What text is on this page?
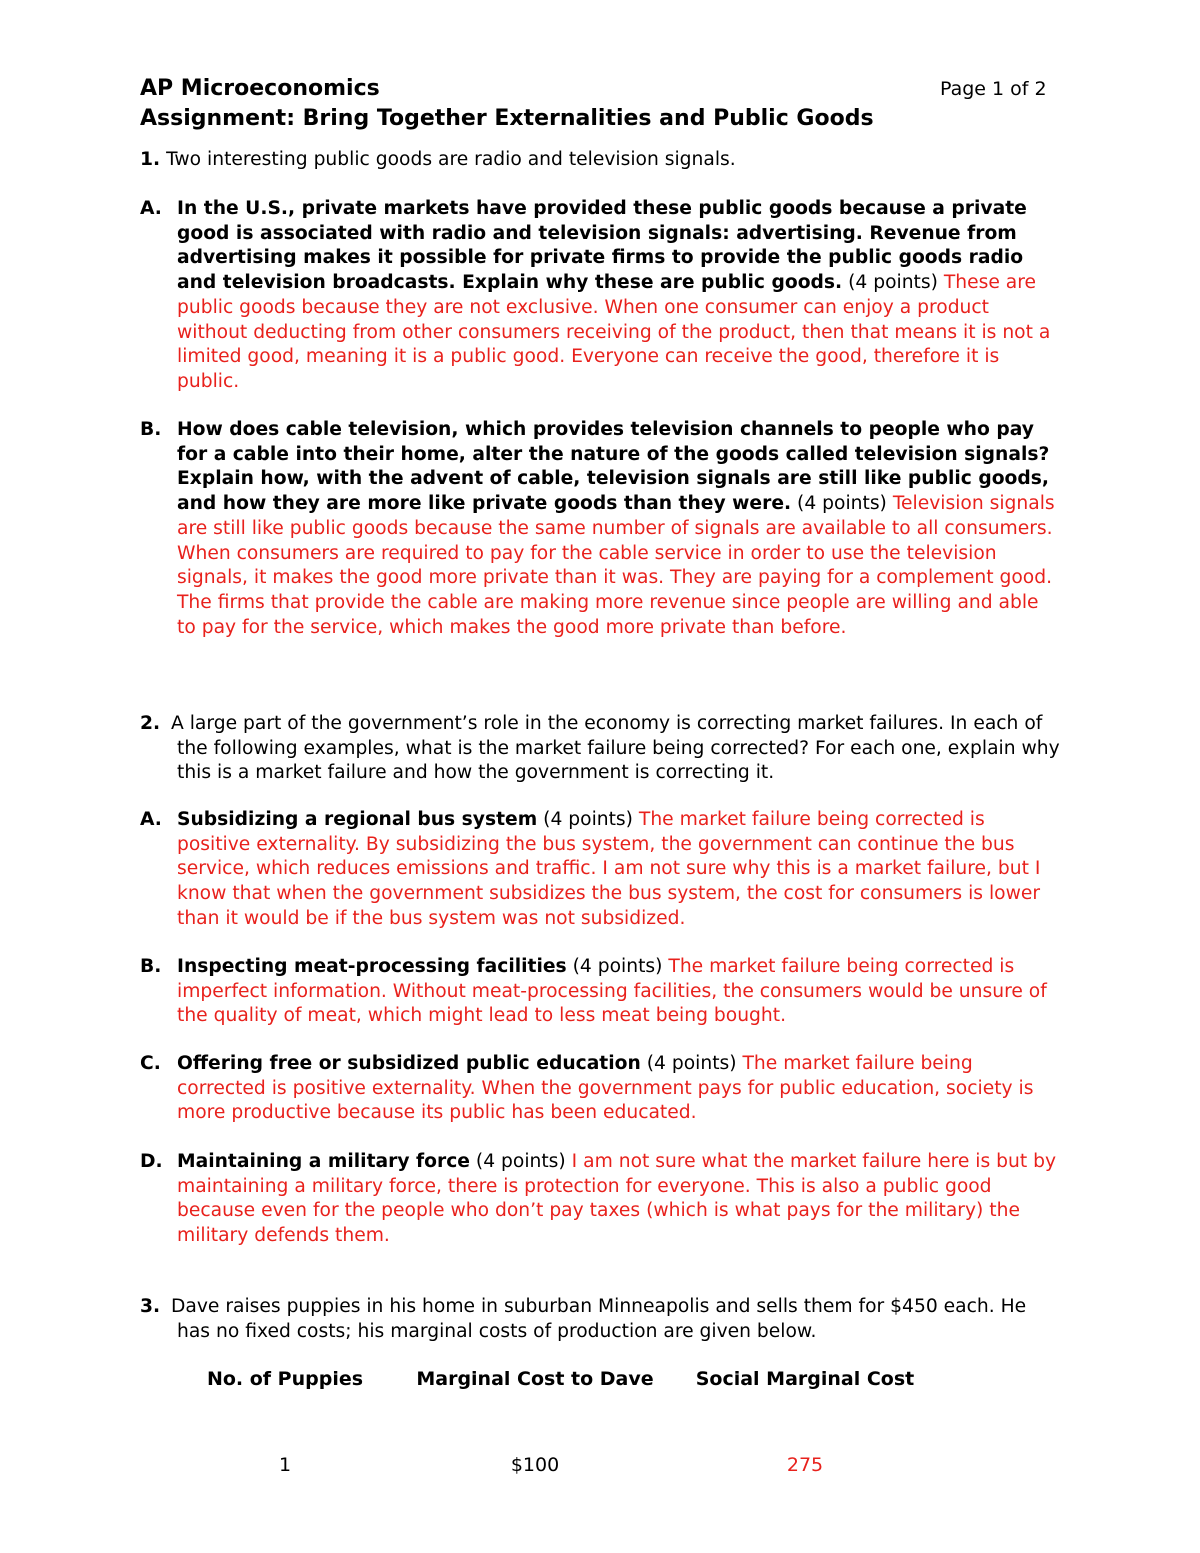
AP Microeconomics	Page 1 of 2
Assignment: Bring Together Externalities and Public Goods
1. Two interesting public goods are radio and television signals.
A. In the U.S., private markets have provided these public goods because a private good is associated with radio and television signals: advertising. Revenue from advertising makes it possible for private firms to provide the public goods radio and television broadcasts. Explain why these are public goods. (4 points) These are public goods because they are not exclusive. When one consumer can enjoy a product without deducting from other consumers receiving of the product, then that means it is not a limited good, meaning it is a public good. Everyone can receive the good, therefore it is public.
B. How does cable television, which provides television channels to people who pay for a cable into their home, alter the nature of the goods called television signals? Explain how, with the advent of cable, television signals are still like public goods, and how they are more like private goods than they were. (4 points) Television signals are still like public goods because the same number of signals are available to all consumers. When consumers are required to pay for the cable service in order to use the television signals, it makes the good more private than it was. They are paying for a complement good. The firms that provide the cable are making more revenue since people are willing and able to pay for the service, which makes the good more private than before.
2. A large part of the government’s role in the economy is correcting market failures. In each of the following examples, what is the market failure being corrected? For each one, explain why this is a market failure and how the government is correcting it.
A. Subsidizing a regional bus system (4 points) The market failure being corrected is positive externality. By subsidizing the bus system, the government can continue the bus service, which reduces emissions and traffic. I am not sure why this is a market failure, but I know that when the government subsidizes the bus system, the cost for consumers is lower than it would be if the bus system was not subsidized.
B. Inspecting meat-processing facilities (4 points) The market failure being corrected is imperfect information. Without meat-processing facilities, the consumers would be unsure of the quality of meat, which might lead to less meat being bought.
C. Offering free or subsidized public education (4 points) The market failure being corrected is positive externality. When the government pays for public education, society is more productive because its public has been educated.
D. Maintaining a military force (4 points) I am not sure what the market failure here is but by maintaining a military force, there is protection for everyone. This is also a public good because even for the people who don’t pay taxes (which is what pays for the military) the military defends them.
3. Dave raises puppies in his home in suburban Minneapolis and sells them for $450 each. He has no fixed costs; his marginal costs of production are given below.
No. of Puppies	Marginal Cost to Dave	Social Marginal Cost
1	$100	275
